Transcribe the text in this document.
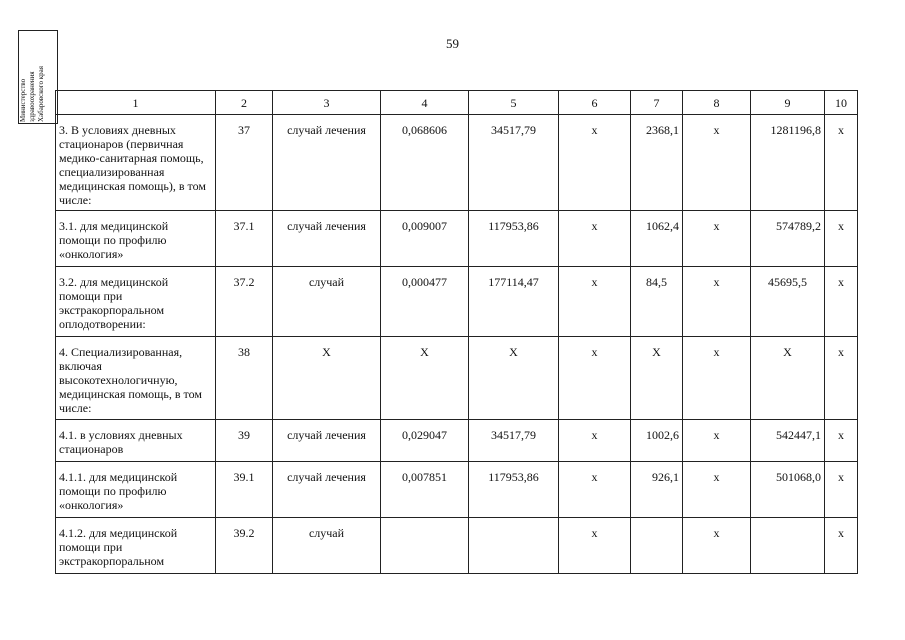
59
Министерство здравоохранения Хабаровского края	1	2	3	4	5	6	7	8	9	10
3. В условиях дневных стационаров (первичная медико-санитарная помощь, специализированная медицинская помощь), в том числе:	37	случай лечения	0,068606	34517,79	х	2368,1	х	1281196,8	х
3.1. для медицинской помощи по профилю «онкология»	37.1	случай лечения	0,009007	117953,86	х	1062,4	х	574789,2	х
3.2. для медицинской помощи при экстракорпоральном оплодотворении:	37.2	случай	0,000477	177114,47	х	84,5	х	45695,5	х
4. Специализированная, включая высокотехнологичную, медицинская помощь, в том числе:	38	Х	Х	Х	х	Х	х	Х	х
4.1. в условиях дневных стационаров	39	случай лечения	0,029047	34517,79	х	1002,6	х	542447,1	х
4.1.1. для медицинской помощи по профилю «онкология»	39.1	случай лечения	0,007851	117953,86	х	926,1	х	501068,0	х
4.1.2. для медицинской помощи при экстракорпоральном	39.2	случай			х		х		х
